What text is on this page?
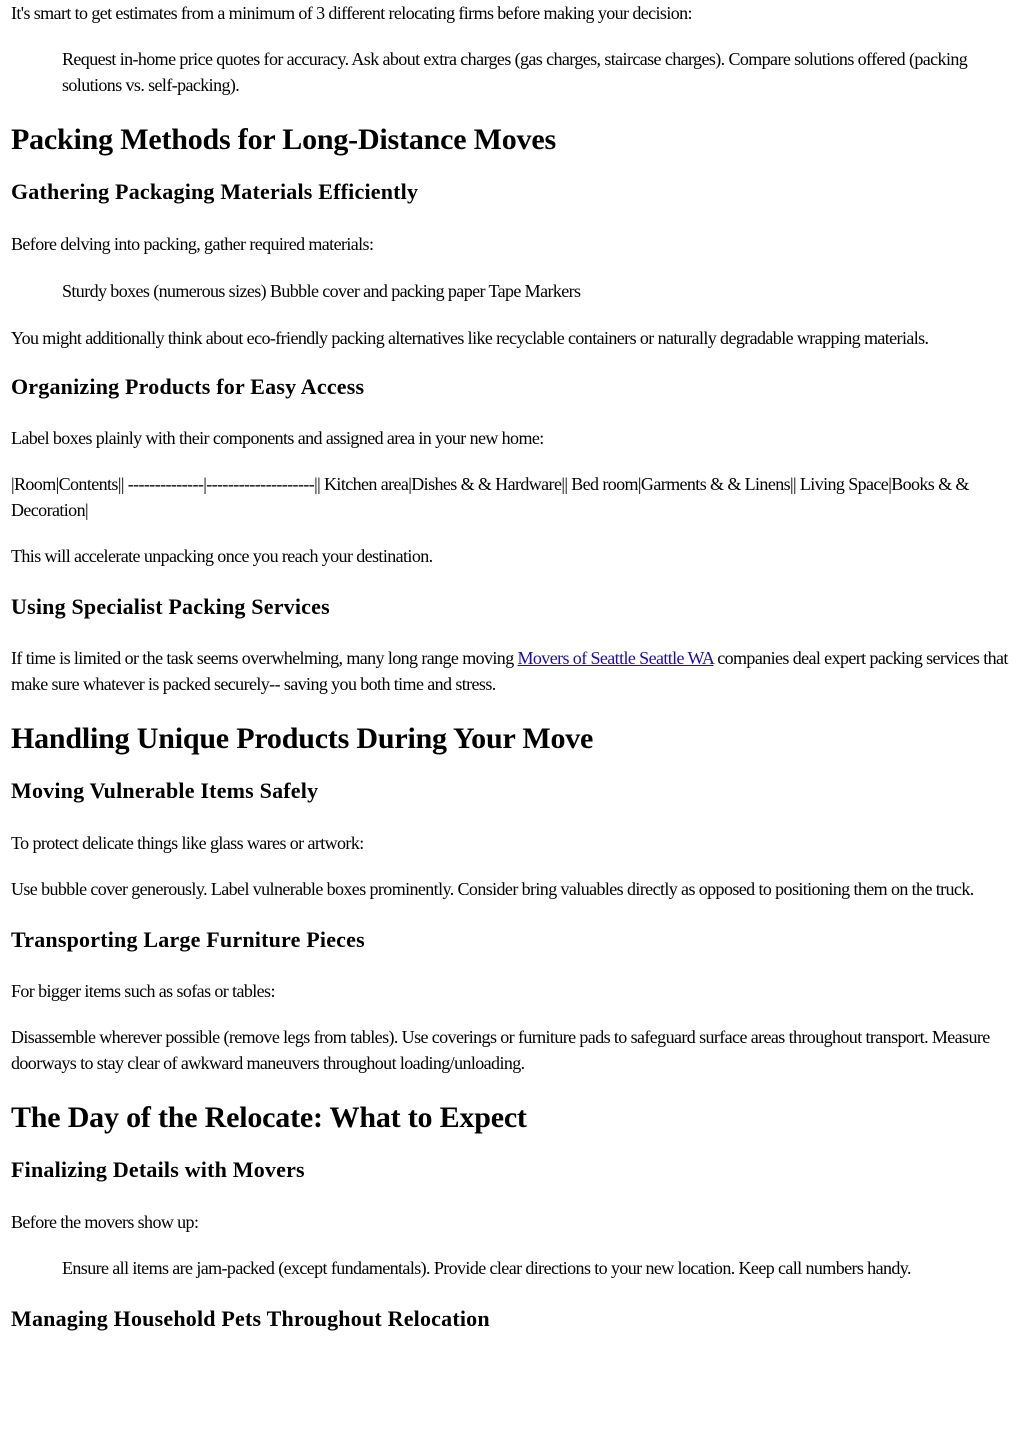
It's smart to get estimates from a minimum of 3 different relocating firms before making your decision:

Request in-home price quotes for accuracy. Ask about extra charges (gas charges, staircase charges). Compare solutions offered (packing solutions vs. self-packing).

Packing Methods for Long-Distance Moves
Gathering Packaging Materials Efficiently

Before delving into packing, gather required materials:

Sturdy boxes (numerous sizes) Bubble cover and packing paper Tape Markers

You might additionally think about eco-friendly packing alternatives like recyclable containers or naturally degradable wrapping materials.

Organizing Products for Easy Access

Label boxes plainly with their components and assigned area in your new home:

|Room|Contents|| --------------|--------------------|| Kitchen area|Dishes & & Hardware|| Bed room|Garments & & Linens|| Living Space|Books & & Decoration|

This will accelerate unpacking once you reach your destination.

Using Specialist Packing Services

If time is limited or the task seems overwhelming, many long range moving Movers of Seattle Seattle WA companies deal expert packing services that make sure whatever is packed securely-- saving you both time and stress.

Handling Unique Products During Your Move
Moving Vulnerable Items Safely

To protect delicate things like glass wares or artwork:

Use bubble cover generously. Label vulnerable boxes prominently. Consider bring valuables directly as opposed to positioning them on the truck.

Transporting Large Furniture Pieces

For bigger items such as sofas or tables:

Disassemble wherever possible (remove legs from tables). Use coverings or furniture pads to safeguard surface areas throughout transport. Measure doorways to stay clear of awkward maneuvers throughout loading/unloading.

The Day of the Relocate: What to Expect
Finalizing Details with Movers

Before the movers show up:

Ensure all items are jam-packed (except fundamentals). Provide clear directions to your new location. Keep call numbers handy.

Managing Household Pets Throughout Relocation
